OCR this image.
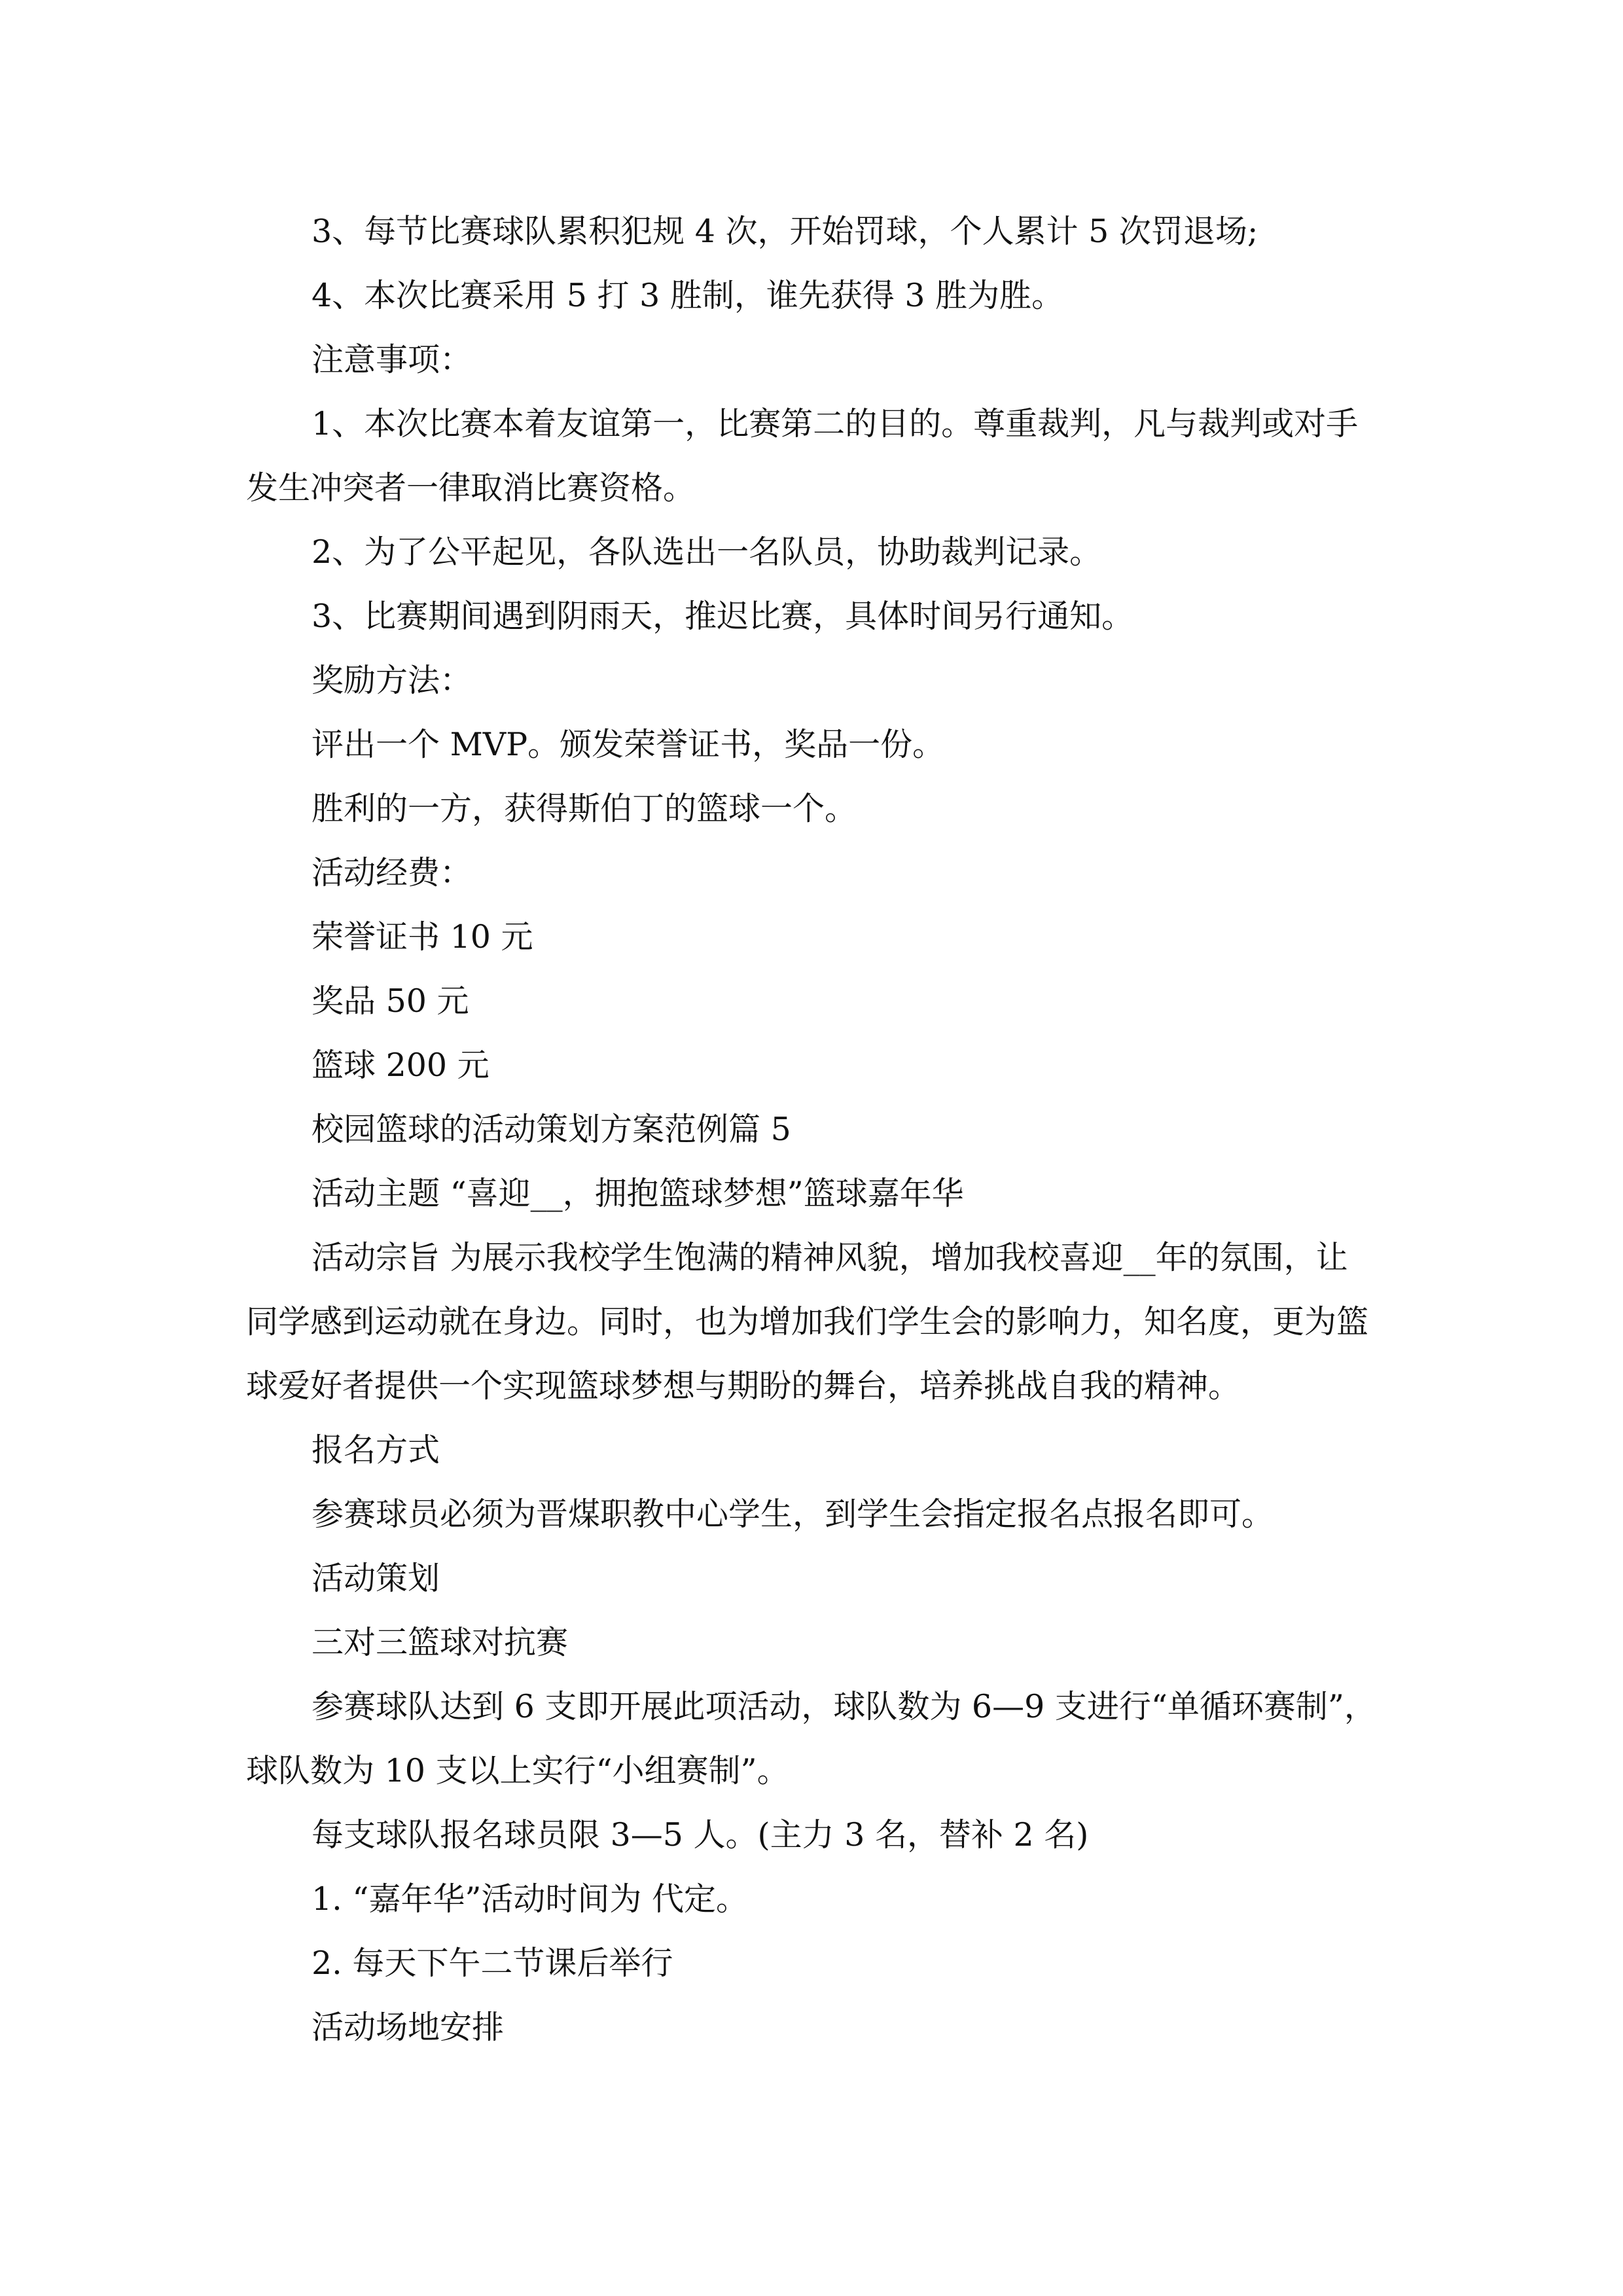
3、每节比赛球队累积犯规 4 次，开始罚球，个人累计 5 次罚退场;

4、本次比赛采用 5 打 3 胜制，谁先获得 3 胜为胜。

注意事项：

1、本次比赛本着友谊第一，比赛第二的目的。尊重裁判，凡与裁判或对手发生冲突者一律取消比赛资格。

2、为了公平起见，各队选出一名队员，协助裁判记录。

3、比赛期间遇到阴雨天，推迟比赛，具体时间另行通知。

奖励方法：

评出一个 MVP。颁发荣誉证书，奖品一份。

胜利的一方，获得斯伯丁的篮球一个。

活动经费：

荣誉证书 10 元

奖品 50 元

篮球 200 元

校园篮球的活动策划方案范例篇 5

活动主题 “喜迎__，拥抱篮球梦想”篮球嘉年华

活动宗旨 为展示我校学生饱满的精神风貌，增加我校喜迎__年的氛围，让同学感到运动就在身边。同时，也为增加我们学生会的影响力，知名度，更为篮球爱好者提供一个实现篮球梦想与期盼的舞台，培养挑战自我的精神。

报名方式

参赛球员必须为晋煤职教中心学生，到学生会指定报名点报名即可。

活动策划

三对三篮球对抗赛

参赛球队达到 6 支即开展此项活动，球队数为 6—9 支进行“单循环赛制”，球队数为 10 支以上实行“小组赛制”。

每支球队报名球员限 3—5 人。(主力 3 名，替补 2 名)

1. “嘉年华”活动时间为 代定。

2. 每天下午二节课后举行

活动场地安排
